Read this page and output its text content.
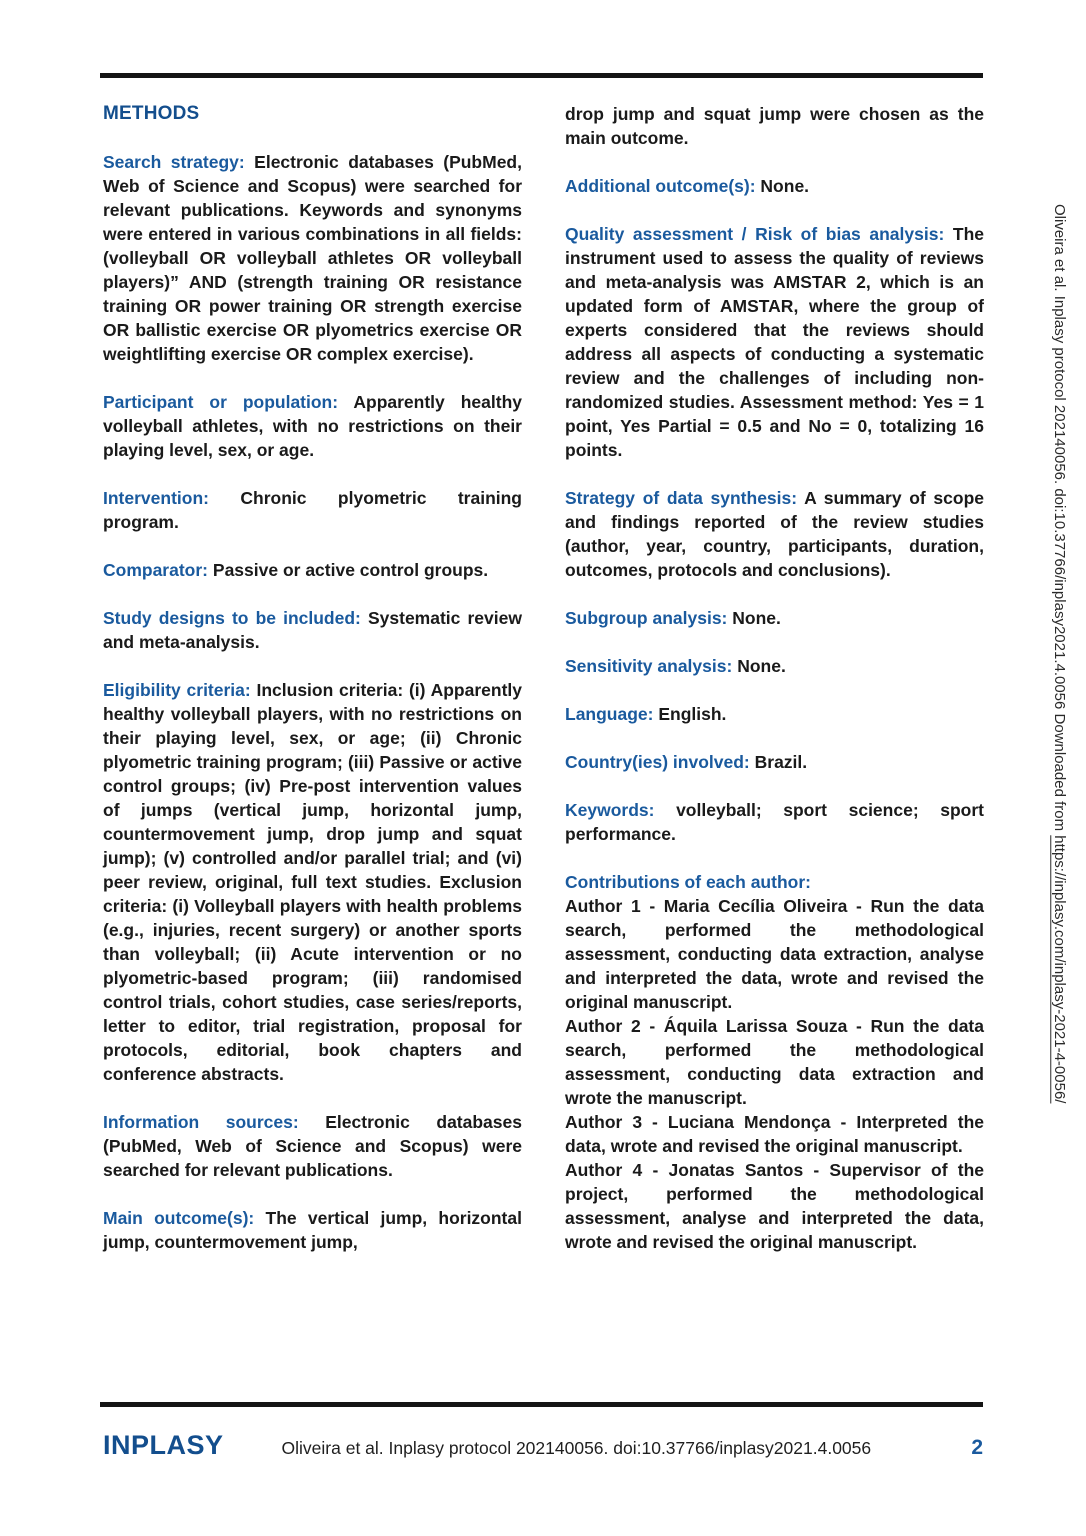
METHODS

Search strategy: Electronic databases (PubMed, Web of Science and Scopus) were searched for relevant publications. Keywords and synonyms were entered in various combinations in all fields: (volleyball OR volleyball athletes OR volleyball players)” AND (strength training OR resistance training OR power training OR strength exercise OR ballistic exercise OR plyometrics exercise OR weightlifting exercise OR complex exercise).

Participant or population: Apparently healthy volleyball athletes, with no restrictions on their playing level, sex, or age.

Intervention: Chronic plyometric training program.

Comparator: Passive or active control groups.

Study designs to be included: Systematic review and meta-analysis.

Eligibility criteria: Inclusion criteria: (i) Apparently healthy volleyball players, with no restrictions on their playing level, sex, or age; (ii) Chronic plyometric training program; (iii) Passive or active control groups; (iv) Pre-post intervention values of jumps (vertical jump, horizontal jump, countermovement jump, drop jump and squat jump); (v) controlled and/or parallel trial; and (vi) peer review, original, full text studies. Exclusion criteria: (i) Volleyball players with health problems (e.g., injuries, recent surgery) or another sports than volleyball; (ii) Acute intervention or no plyometric-based program; (iii) randomised control trials, cohort studies, case series/reports, letter to editor, trial registration, proposal for protocols, editorial, book chapters and conference abstracts.

Information sources: Electronic databases (PubMed, Web of Science and Scopus) were searched for relevant publications.

Main outcome(s): The vertical jump, horizontal jump, countermovement jump,

drop jump and squat jump were chosen as the main outcome.

Additional outcome(s): None.

Quality assessment / Risk of bias analysis: The instrument used to assess the quality of reviews and meta-analysis was AMSTAR 2, which is an updated form of AMSTAR, where the group of experts considered that the reviews should address all aspects of conducting a systematic review and the challenges of including non-randomized studies. Assessment method: Yes = 1 point, Yes Partial = 0.5 and No = 0, totalizing 16 points.

Strategy of data synthesis: A summary of scope and findings reported of the review studies (author, year, country, participants, duration, outcomes, protocols and conclusions).

Subgroup analysis: None.

Sensitivity analysis: None.

Language: English.

Country(ies) involved: Brazil.

Keywords: volleyball; sport science; sport performance.

Contributions of each author:

Author 1 - Maria Cecília Oliveira - Run the data search, performed the methodological assessment, conducting data extraction, analyse and interpreted the data, wrote and revised the original manuscript.

Author 2 - Áquila Larissa Souza - Run the data search, performed the methodological assessment, conducting data extraction and wrote the manuscript.

Author 3 - Luciana Mendonça - Interpreted the data, wrote and revised the original manuscript.

Author 4 - Jonatas Santos - Supervisor of the project, performed the methodological assessment, analyse and interpreted the data, wrote and revised the original manuscript.

Oliveira et al. Inplasy protocol 202140056. doi:10.37766/inplasy2021.4.0056 Downloaded from https://inplasy.com/inplasy-2021-4-0056/
INPLASY	Oliveira et al. Inplasy protocol 202140056. doi:10.37766/inplasy2021.4.0056	2
